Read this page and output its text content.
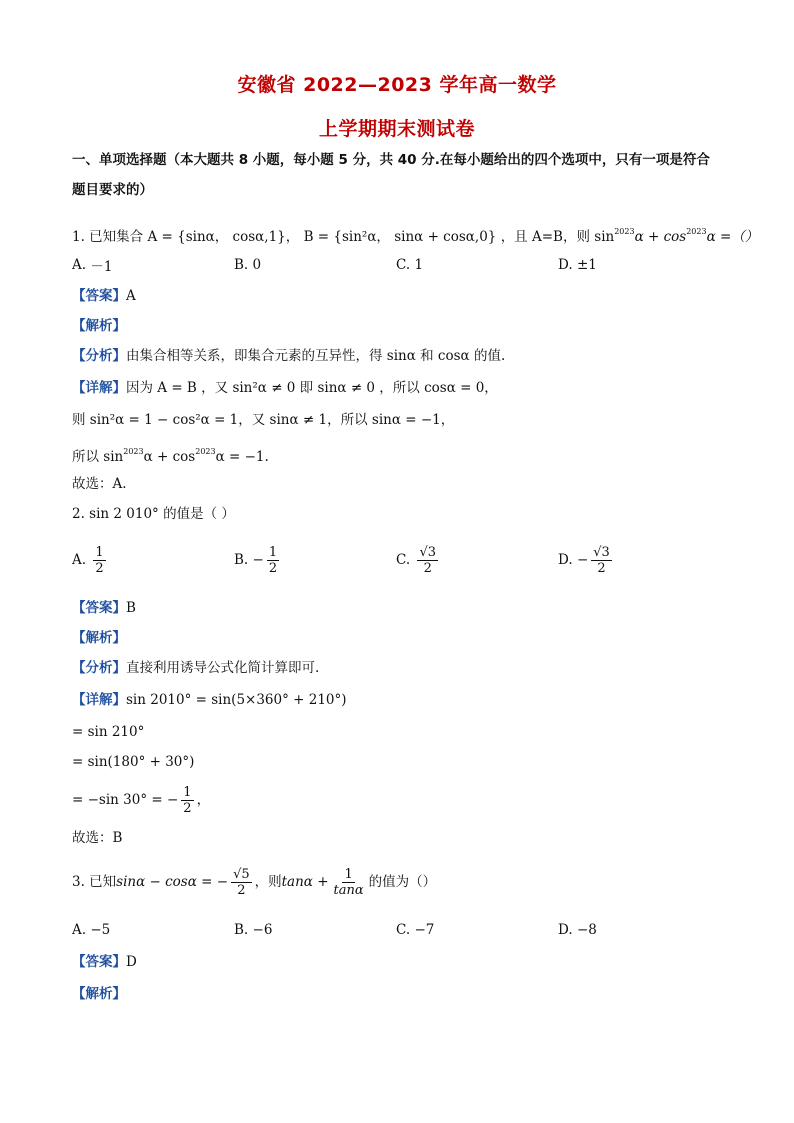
安徽省 2022—2023 学年高一数学
上学期期末测试卷
一、单项选择题（本大题共 8 小题，每小题 5 分，共 40 分.在每小题给出的四个选项中，只有一项是符合
题目要求的）
1. 已知集合 A = {sinα， cosα,1}， B = {sin²α， sinα + cosα,0} ，且 A=B，则 $\sin^{2023}\alpha + \cos^{2023}\alpha$ =（）
A.
－1	B.
0	C.
1	D.
±1
【答案】A
【解析】
【分析】由集合相等关系，即集合元素的互异性，得 sinα 和 cosα 的值.
【详解】因为 A = B ，又 sin²α ≠ 0 即 sinα ≠ 0 ，所以 cosα = 0，
则 sin²α = 1 − cos²α = 1，又 sinα ≠ 1，所以 sinα = −1，
所以 $\sin^{2023}\alpha + \cos^{2023}\alpha = -1$.
故选：A.
2. sin 2 010° 的值是（ ）
A.
$\frac{1}{2}$	B.
− $\frac{1}{2}$	C.
$\frac{√3}{2}$	D.
− $\frac{√3}{2}$
【答案】B
【解析】
【分析】直接利用诱导公式化简计算即可.
【详解】sin 2010° = sin(5×360° + 210°)
= sin 210°
= sin(180° + 30°)
= −sin 30° = − $\frac{1}{2}$ ，
故选：B
3. 已知 sinα − cosα = − $\frac{√5}{2}$ ，则 $\tan\alpha + \frac{1}{\tan\alpha}$ 的值为（）
A.
−5	B.
−6	C.
−7	D.
−8
【答案】D
【解析】
